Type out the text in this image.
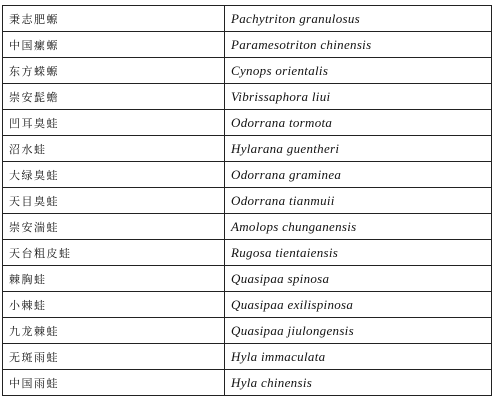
秉志肥螈	Pachytriton granulosus
中国瘰螈	Paramesotriton chinensis
东方蝾螈	Cynops orientalis
崇安髭蟾	Vibrissaphora liui
凹耳臭蛙	Odorrana tormota
沼水蛙	Hylarana guentheri
大绿臭蛙	Odorrana graminea
天目臭蛙	Odorrana tianmuii
崇安湍蛙	Amolops chunganensis
天台粗皮蛙	Rugosa tientaiensis
棘胸蛙	Quasipaa spinosa
小棘蛙	Quasipaa exilispinosa
九龙棘蛙	Quasipaa jiulongensis
无斑雨蛙	Hyla immaculata
中国雨蛙	Hyla chinensis
